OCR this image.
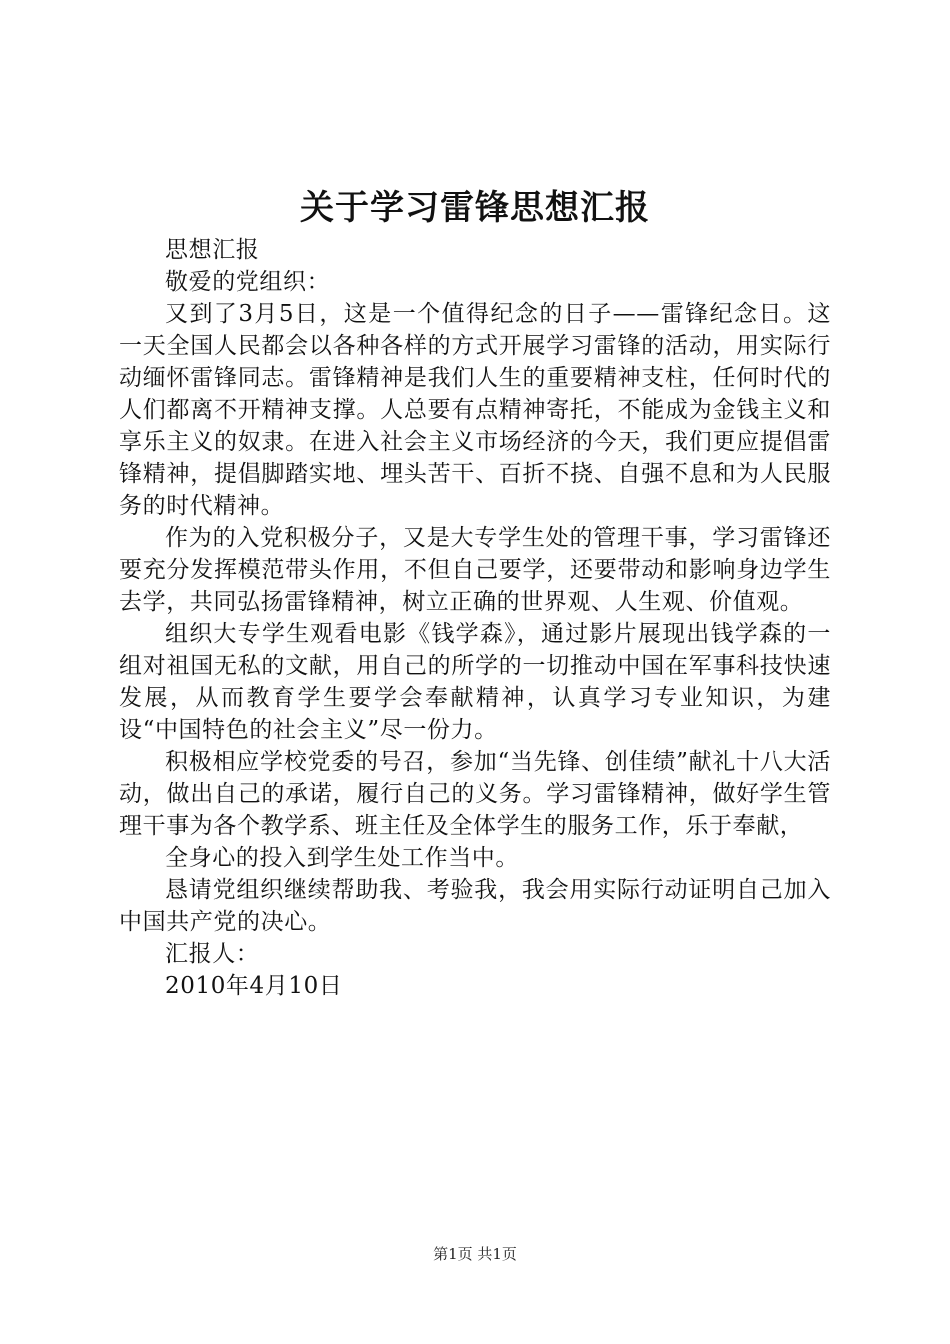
关于学习雷锋思想汇报

思想汇报

敬爱的党组织：

又到了3月5日，这是一个值得纪念的日子——雷锋纪念日。这一天全国人民都会以各种各样的方式开展学习雷锋的活动，用实际行动缅怀雷锋同志。雷锋精神是我们人生的重要精神支柱，任何时代的人们都离不开精神支撑。人总要有点精神寄托，不能成为金钱主义和享乐主义的奴隶。在进入社会主义市场经济的今天，我们更应提倡雷锋精神，提倡脚踏实地、埋头苦干、百折不挠、自强不息和为人民服务的时代精神。

作为的入党积极分子，又是大专学生处的管理干事，学习雷锋还要充分发挥模范带头作用，不但自己要学，还要带动和影响身边学生去学，共同弘扬雷锋精神，树立正确的世界观、人生观、价值观。

组织大专学生观看电影《钱学森》，通过影片展现出钱学森的一组对祖国无私的文献，用自己的所学的一切推动中国在军事科技快速发展，从而教育学生要学会奉献精神，认真学习专业知识，为建设“中国特色的社会主义”尽一份力。

积极相应学校党委的号召，参加“当先锋、创佳绩”献礼十八大活动，做出自己的承诺，履行自己的义务。学习雷锋精神，做好学生管理干事为各个教学系、班主任及全体学生的服务工作，乐于奉献，

全身心的投入到学生处工作当中。

恳请党组织继续帮助我、考验我，我会用实际行动证明自己加入中国共产党的决心。

汇报人：

2010年4月10日

第1页 共1页
